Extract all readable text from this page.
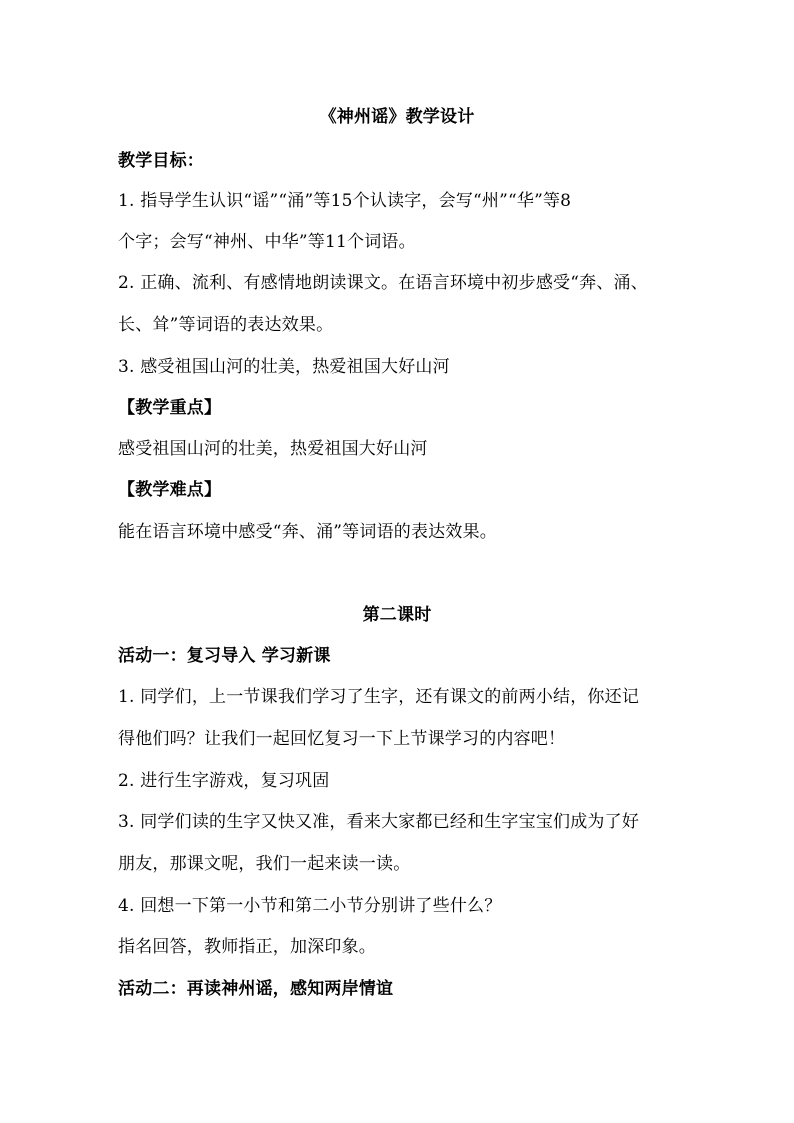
《神州谣》教学设计
教学目标：
1. 指导学生认识“谣”“涌”等15个认读字，会写“州”“华”等8
个字；会写“神州、中华”等11个词语。
2. 正确、流利、有感情地朗读课文。在语言环境中初步感受“奔、涌、
长、耸”等词语的表达效果。
3. 感受祖国山河的壮美，热爱祖国大好山河
【教学重点】
感受祖国山河的壮美，热爱祖国大好山河
【教学难点】
能在语言环境中感受“奔、涌”等词语的表达效果。
第二课时
活动一：复习导入 学习新课
1. 同学们，上一节课我们学习了生字，还有课文的前两小结，你还记
得他们吗？让我们一起回忆复习一下上节课学习的内容吧！
2. 进行生字游戏，复习巩固
3. 同学们读的生字又快又准，看来大家都已经和生字宝宝们成为了好
朋友，那课文呢，我们一起来读一读。
4. 回想一下第一小节和第二小节分别讲了些什么？
指名回答，教师指正，加深印象。
活动二：再读神州谣，感知两岸情谊
